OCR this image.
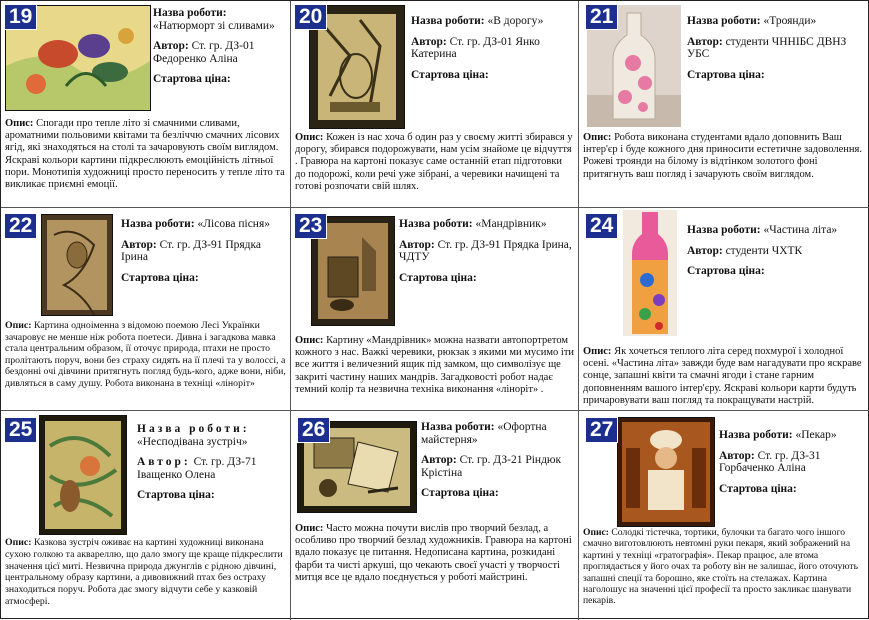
19	Назва роботи:
«Натюрморт зі сливами»
Автор: Ст. гр. ДЗ-01 Федоренко Аліна
Стартова ціна:
Опис: Спогади про тепле літо зі смачними сливами, ароматними польовими квітами та безліччю смачних лісових ягід, які знаходяться на столі та зачаровують своїм виглядом. Яскраві кольори картини підкреслюють емоційність літньої пори. Монотипія художниці просто переносить у тепле літо та викликає приємні емоції.
20	Назва роботи: «В дорогу»
Автор: Ст. гр. ДЗ-01 Янко Катерина
Стартова ціна:
Опис: Кожен із нас хоча б один раз у своєму житті збирався у дорогу, збирався подорожувати, нам усім знайоме це відчуття . Гравюра на картоні показує саме останній етап підготовки до подорожі, коли речі уже зібрані, а черевики начищені та готові розпочати свій шлях.
21	Назва роботи: «Троянди»
Автор: студенти ЧННІБС ДВНЗ УБС
Стартова ціна:
Опис: Робота виконана студентами вдало доповнить Ваш інтер'єр і буде кожного дня приносити естетичне задоволення. Рожеві троянди на білому із відтінком золотого фоні притягнуть ваш погляд і зачарують своїм виглядом.
22	Назва роботи: «Лісова пісня»
Автор: Ст. гр. ДЗ-91 Прядка Ірина
Стартова ціна:
Опис: Картина одноіменна з відомою поемою Лесі Українки зачаровує не менше ніж робота поетеси. Дивна і загадкова мавка стала центральним образом, її оточує природа, птахи не просто пролітають поруч, вони без страху сидять на її плечі та у волоссі, а бездонні очі дівчини притягнуть погляд будь-кого, адже вони, ніби, дивляться в саму душу. Робота виконана в техніці «ліноріт»
23	Назва роботи: «Мандрівник»
Автор: Ст. гр. ДЗ-91 Прядка Ірина, ЧДТУ
Стартова ціна:
Опис: Картину «Мандрівник» можна назвати автопортретом кожного з нас. Важкі черевики, рюкзак з якими ми мусимо іти все життя і величезний ящик під замком, що символізує ще закриті частину наших мандрів. Загадковості робот надає темний колір та незвична техніка виконання «ліноріт» .
24	Назва роботи: «Частина літа»
Автор: студенти ЧХТК
Стартова ціна:
Опис: Як хочеться теплого літа серед похмурої і холодної осені. «Частина літа» завжди буде вам нагадувати про яскраве сонце, запашні квіти та смачні ягоди і стане гарним доповненням вашого інтер'єру. Яскраві кольори карти будуть причаровувати ваш погляд та покращувати настрій.
25	Назва роботи:
«Несподівана зустріч»
Автор: Ст. гр. ДЗ-71 Іващенко Олена
Стартова ціна:
Опис: Казкова зустріч оживає на картині художниці виконана сухою голкою та аквареллю, що дало змогу ще краще підкреслити значення цієї миті. Незвична природа джунглів є рідною дівчині, центральному образу картини, а дивовижний птах без остраху знаходиться поруч. Робота дає змогу відчути себе у казковій атмосфері.
26	Назва роботи: «Офортна майстерня»
Автор: Ст. гр. ДЗ-21 Ріндюк Крістіна
Стартова ціна:
Опис: Часто можна почути вислів про творчий безлад, а особливо про творчий безлад художників. Гравюра на картоні вдало показує це питання. Недописана картина, розкидані фарби та чисті аркуші, що чекають своєї участі у творчості митця все це вдало поєднується у роботі майстрині.
27	Назва роботи: «Пекар»
Автор: Ст. гр. ДЗ-31 Горбаченко Аліна
Стартова ціна:
Опис: Солодкі тістечка, тортики, булочки та багато чого іншого смачно виготовлюють невтомні руки пекаря, який зображений на картині у техніці «гратографія». Пекар працює, але втома проглядається у його очах та роботу він не залишає, його оточують запашні спеції та борошно, яке стоїть на стелажах. Картина наголошує на значенні цієї професії та просто закликає шанувати пекарів.
